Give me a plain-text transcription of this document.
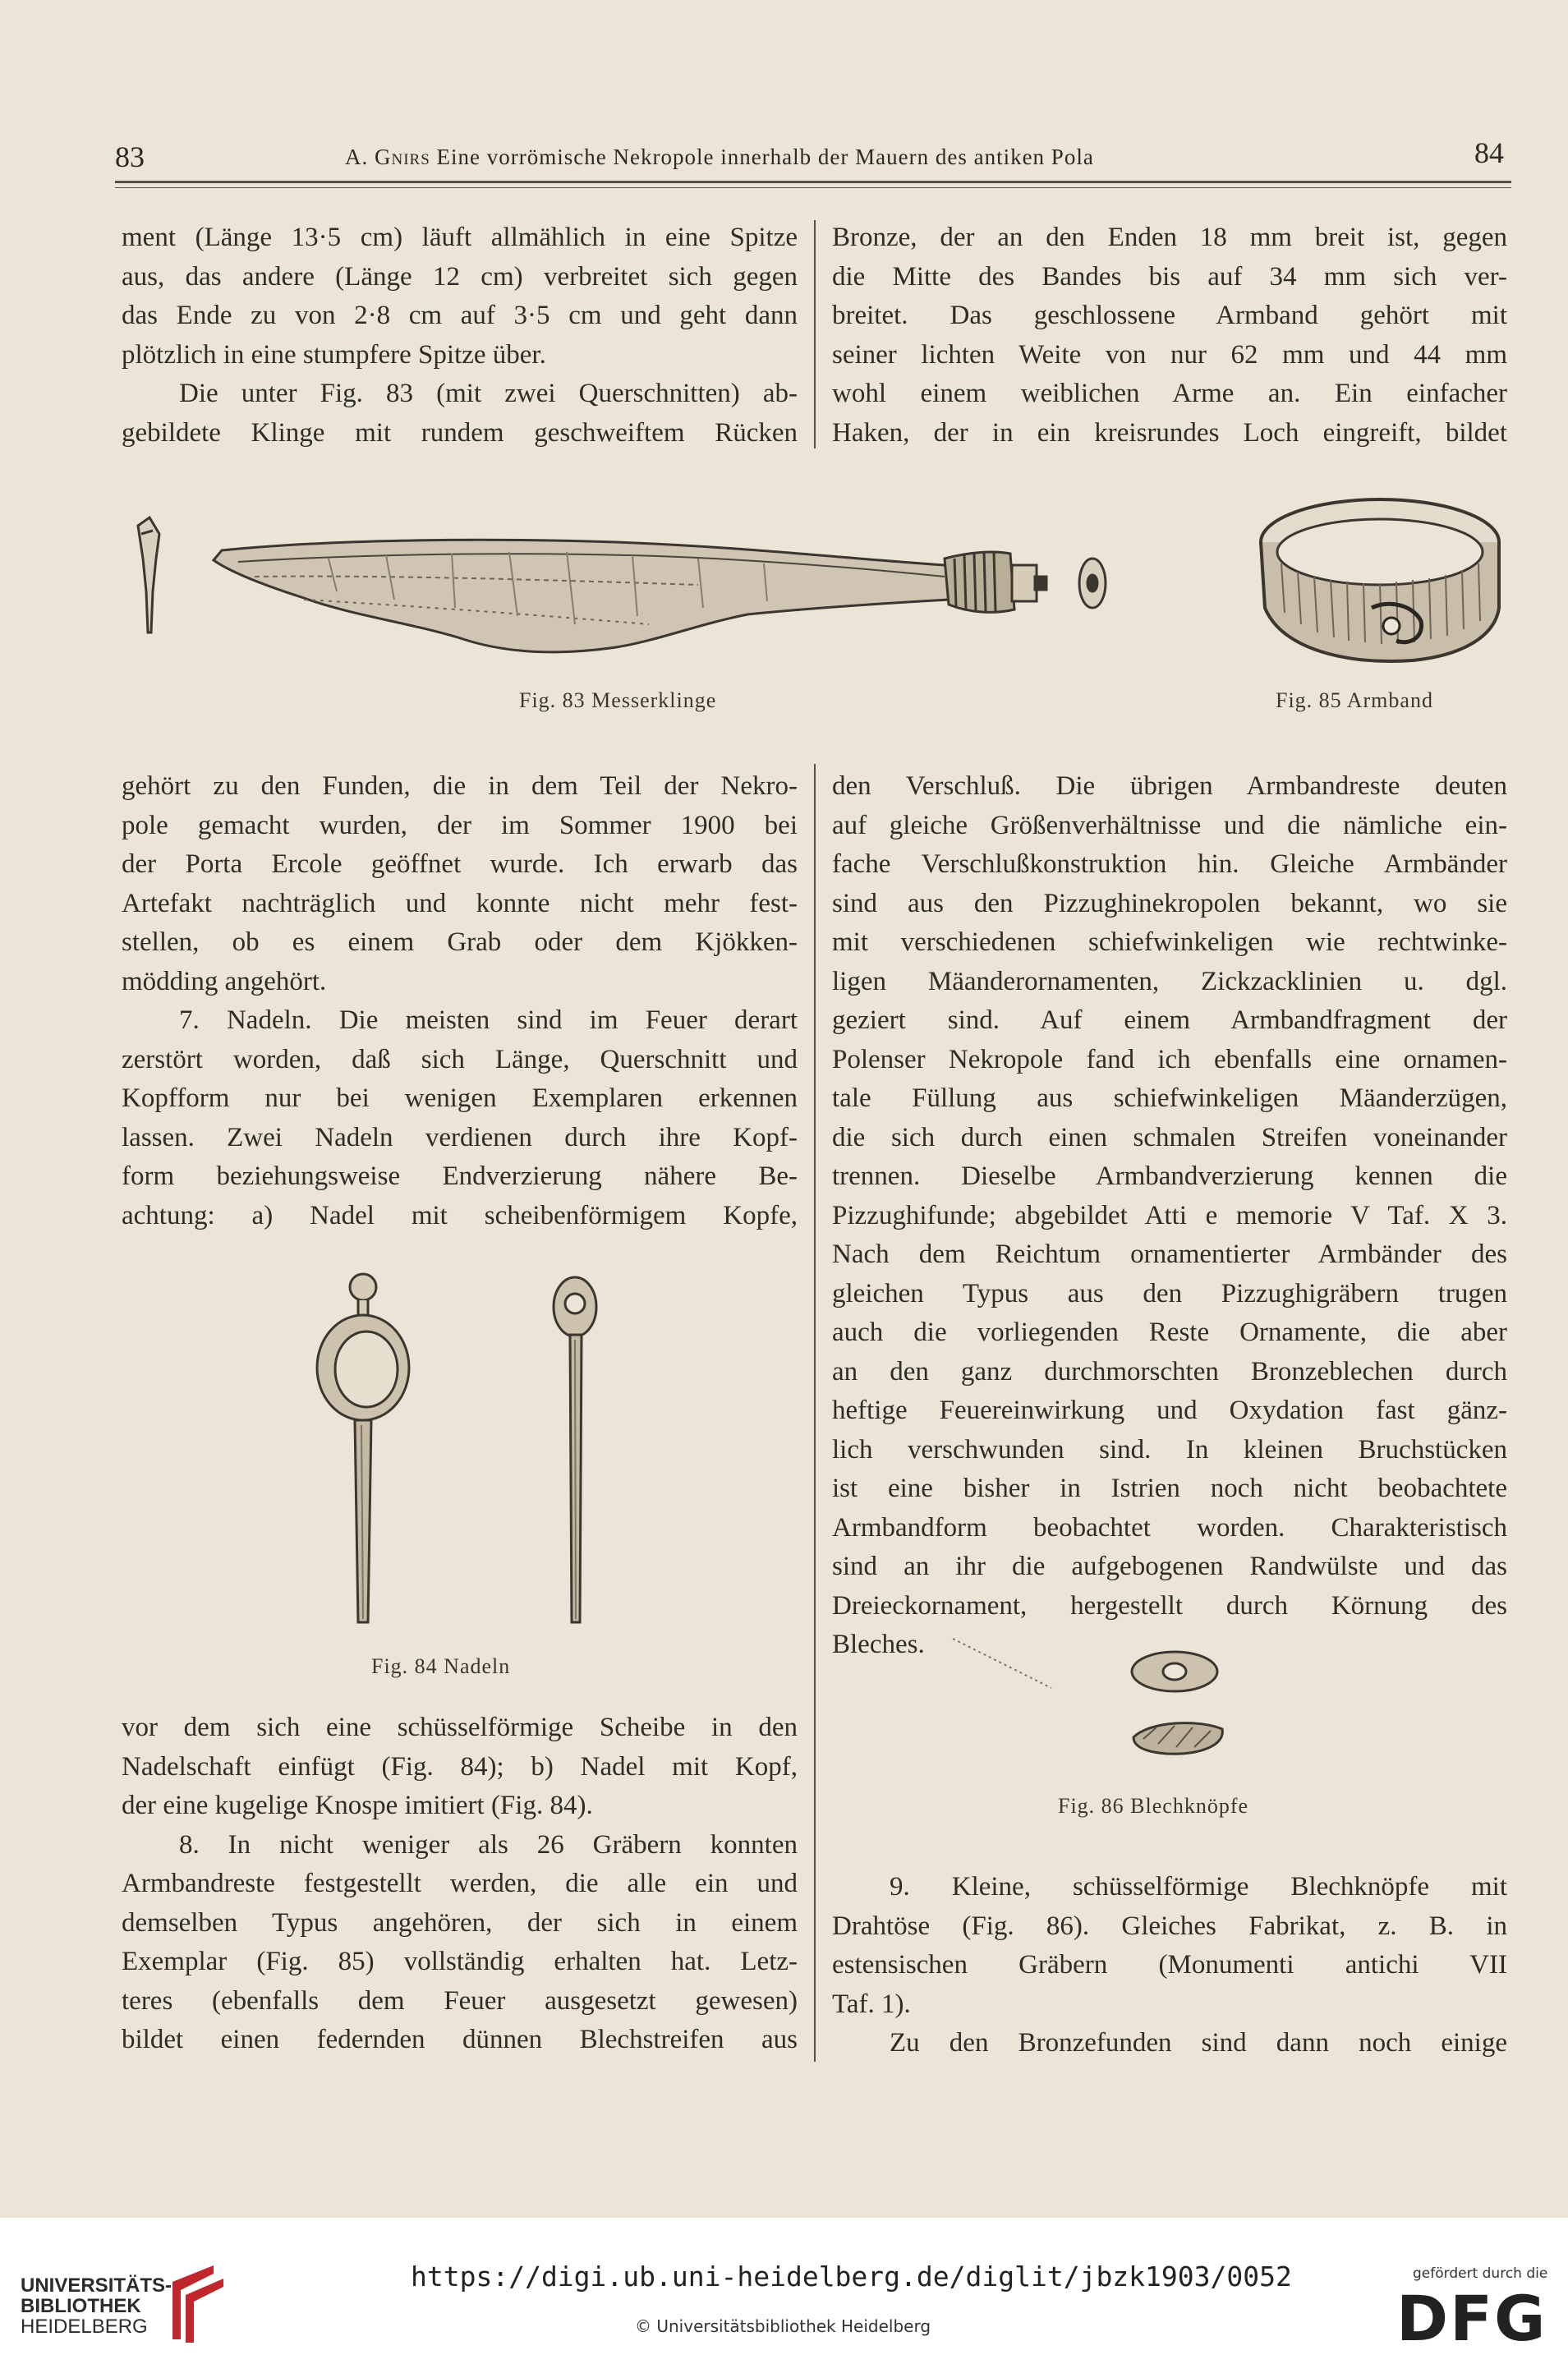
83	A. Gnirs Eine vorrömische Nekropole innerhalb der Mauern des antiken Pola	84
ment (Länge 13·5 cm) läuft allmählich in eine Spitze
aus, das andere (Länge 12 cm) verbreitet sich gegen
das Ende zu von 2·8 cm auf 3·5 cm und geht dann
plötzlich in eine stumpfere Spitze über.
Die unter Fig. 83 (mit zwei Querschnitten) ab-
gebildete Klinge mit rundem geschweiftem Rücken
Bronze, der an den Enden 18 mm breit ist, gegen
die Mitte des Bandes bis auf 34 mm sich ver-
breitet. Das geschlossene Armband gehört mit
seiner lichten Weite von nur 62 mm und 44 mm
wohl einem weiblichen Arme an. Ein einfacher
Haken, der in ein kreisrundes Loch eingreift, bildet
Fig. 83 Messerklinge	Fig. 85 Armband
gehört zu den Funden, die in dem Teil der Nekro-
pole gemacht wurden, der im Sommer 1900 bei
der Porta Ercole geöffnet wurde. Ich erwarb das
Artefakt nachträglich und konnte nicht mehr fest-
stellen, ob es einem Grab oder dem Kjökken-
mödding angehört.
7. Nadeln. Die meisten sind im Feuer derart
zerstört worden, daß sich Länge, Querschnitt und
Kopfform nur bei wenigen Exemplaren erkennen
lassen. Zwei Nadeln verdienen durch ihre Kopf-
form beziehungsweise Endverzierung nähere Be-
achtung: a) Nadel mit scheibenförmigem Kopfe,
Fig. 84 Nadeln
vor dem sich eine schüsselförmige Scheibe in den
Nadelschaft einfügt (Fig. 84); b) Nadel mit Kopf,
der eine kugelige Knospe imitiert (Fig. 84).
8. In nicht weniger als 26 Gräbern konnten
Armbandreste festgestellt werden, die alle ein und
demselben Typus angehören, der sich in einem
Exemplar (Fig. 85) vollständig erhalten hat. Letz-
teres (ebenfalls dem Feuer ausgesetzt gewesen)
bildet einen federnden dünnen Blechstreifen aus
den Verschluß. Die übrigen Armbandreste deuten
auf gleiche Größenverhältnisse und die nämliche ein-
fache Verschlußkonstruktion hin. Gleiche Armbänder
sind aus den Pizzughinekropolen bekannt, wo sie
mit verschiedenen schiefwinkeligen wie rechtwinke-
ligen Mäanderornamenten, Zickzacklinien u. dgl.
geziert sind. Auf einem Armbandfragment der
Polenser Nekropole fand ich ebenfalls eine ornamen-
tale Füllung aus schiefwinkeligen Mäanderzügen,
die sich durch einen schmalen Streifen voneinander
trennen. Dieselbe Armbandverzierung kennen die
Pizzughifunde; abgebildet Atti e memorie V Taf. X 3.
Nach dem Reichtum ornamentierter Armbänder des
gleichen Typus aus den Pizzughigräbern trugen
auch die vorliegenden Reste Ornamente, die aber
an den ganz durchmorschten Bronzeblechen durch
heftige Feuereinwirkung und Oxydation fast gänz-
lich verschwunden sind. In kleinen Bruchstücken
ist eine bisher in Istrien noch nicht beobachtete
Armbandform beobachtet worden. Charakteristisch
sind an ihr die aufgebogenen Randwülste und das
Dreieckornament, hergestellt durch Körnung des
Bleches.
Fig. 86 Blechknöpfe
9. Kleine, schüsselförmige Blechknöpfe mit
Drahtöse (Fig. 86). Gleiches Fabrikat, z. B. in
estensischen Gräbern (Monumenti antichi VII
Taf. 1).
Zu den Bronzefunden sind dann noch einige
UNIVERSITÄTS-
BIBLIOTHEK
HEIDELBERG
https://digi.ub.uni-heidelberg.de/diglit/jbzk1903/0052
© Universitätsbibliothek Heidelberg
gefördert durch die
DFG
